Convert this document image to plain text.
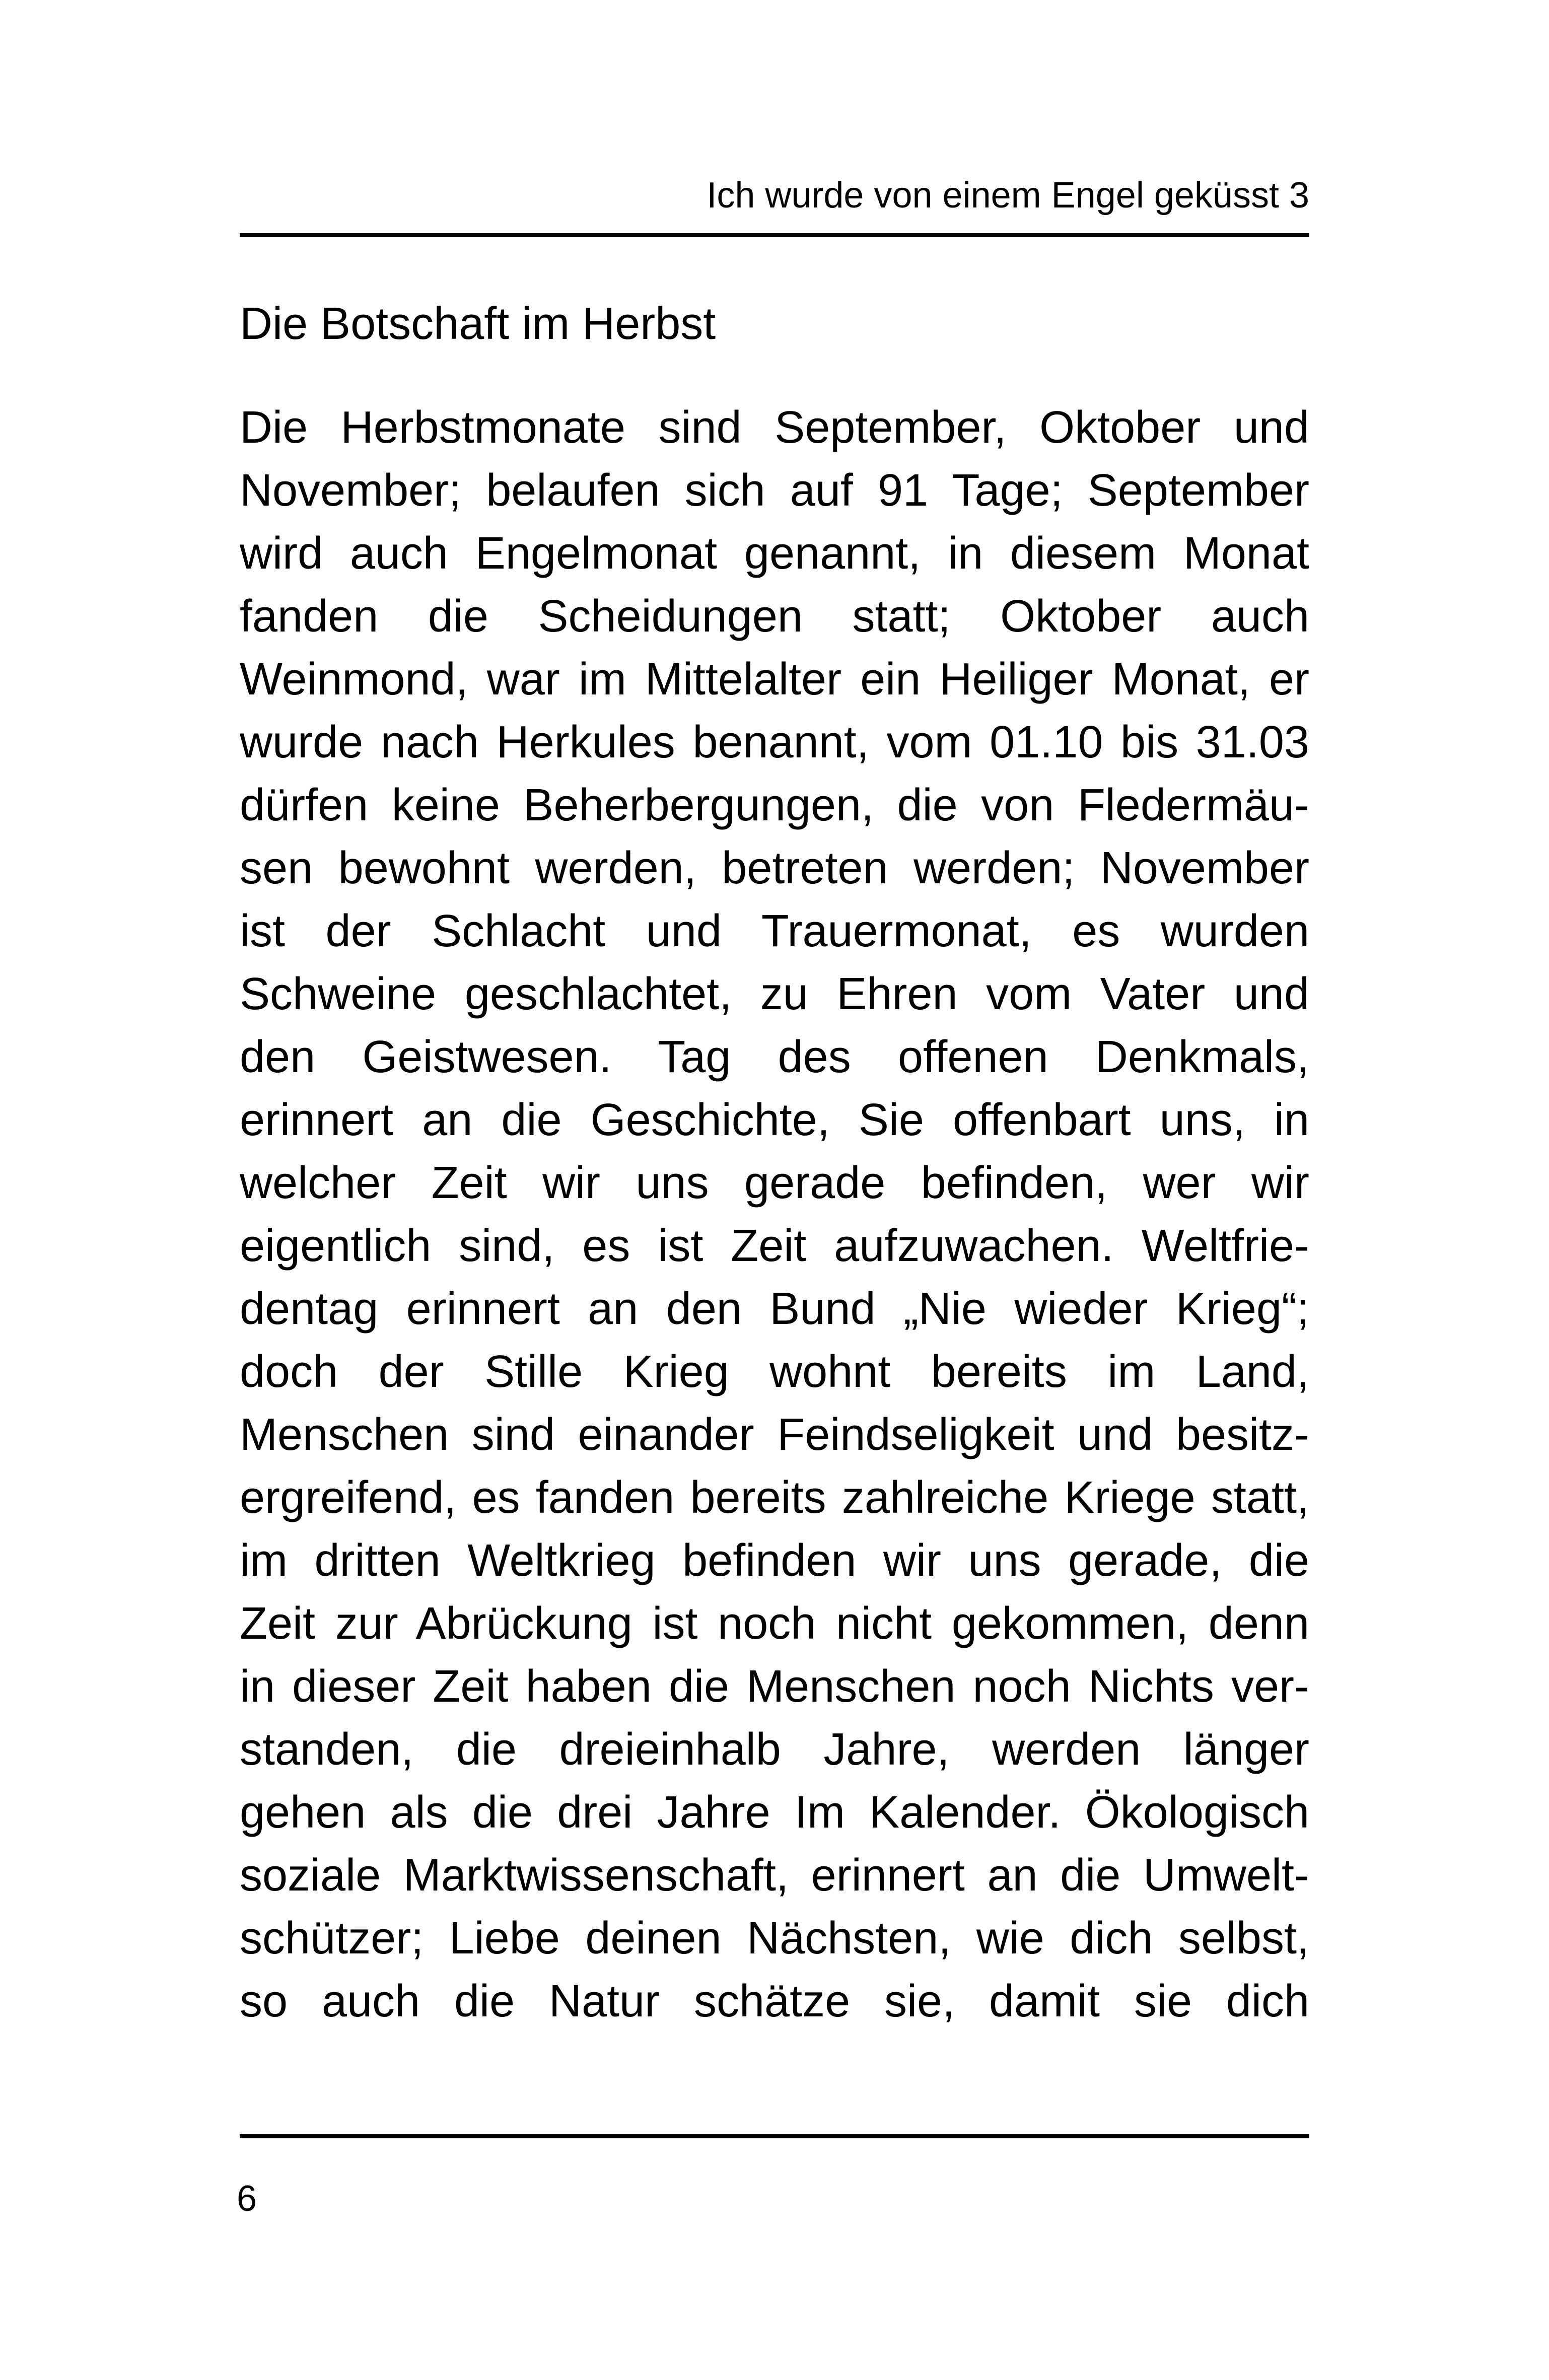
Ich wurde von einem Engel geküsst 3
Die Botschaft im Herbst
Die Herbstmonate sind September, Oktober und
November; belaufen sich auf 91 Tage; September
wird auch Engelmonat genannt, in diesem Monat
fanden die Scheidungen statt; Oktober auch
Weinmond, war im Mittelalter ein Heiliger Monat, er
wurde nach Herkules benannt, vom 01.10 bis 31.03
dürfen keine Beherbergungen, die von Fledermäu-
sen bewohnt werden, betreten werden; November
ist der Schlacht und Trauermonat, es wurden
Schweine geschlachtet, zu Ehren vom Vater und
den Geistwesen. Tag des offenen Denkmals,
erinnert an die Geschichte, Sie offenbart uns, in
welcher Zeit wir uns gerade befinden, wer wir
eigentlich sind, es ist Zeit aufzuwachen. Weltfrie-
dentag erinnert an den Bund „Nie wieder Krieg“;
doch der Stille Krieg wohnt bereits im Land,
Menschen sind einander Feindseligkeit und besitz-
ergreifend, es fanden bereits zahlreiche Kriege statt,
im dritten Weltkrieg befinden wir uns gerade, die
Zeit zur Abrückung ist noch nicht gekommen, denn
in dieser Zeit haben die Menschen noch Nichts ver-
standen, die dreieinhalb Jahre, werden länger
gehen als die drei Jahre Im Kalender. Ökologisch
soziale Marktwissenschaft, erinnert an die Umwelt-
schützer; Liebe deinen Nächsten, wie dich selbst,
so auch die Natur schätze sie, damit sie dich
6
